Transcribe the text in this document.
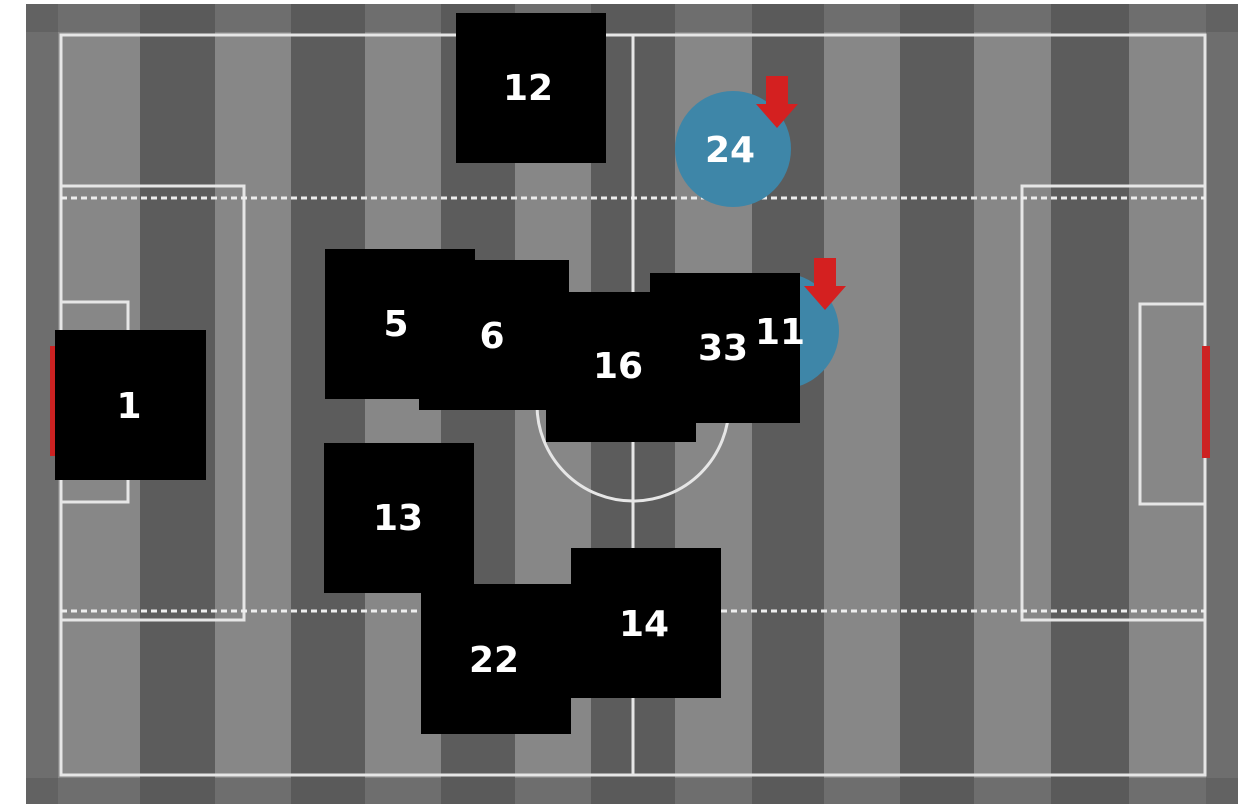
24
12
1
5 6
13
22
14
16 33 11
